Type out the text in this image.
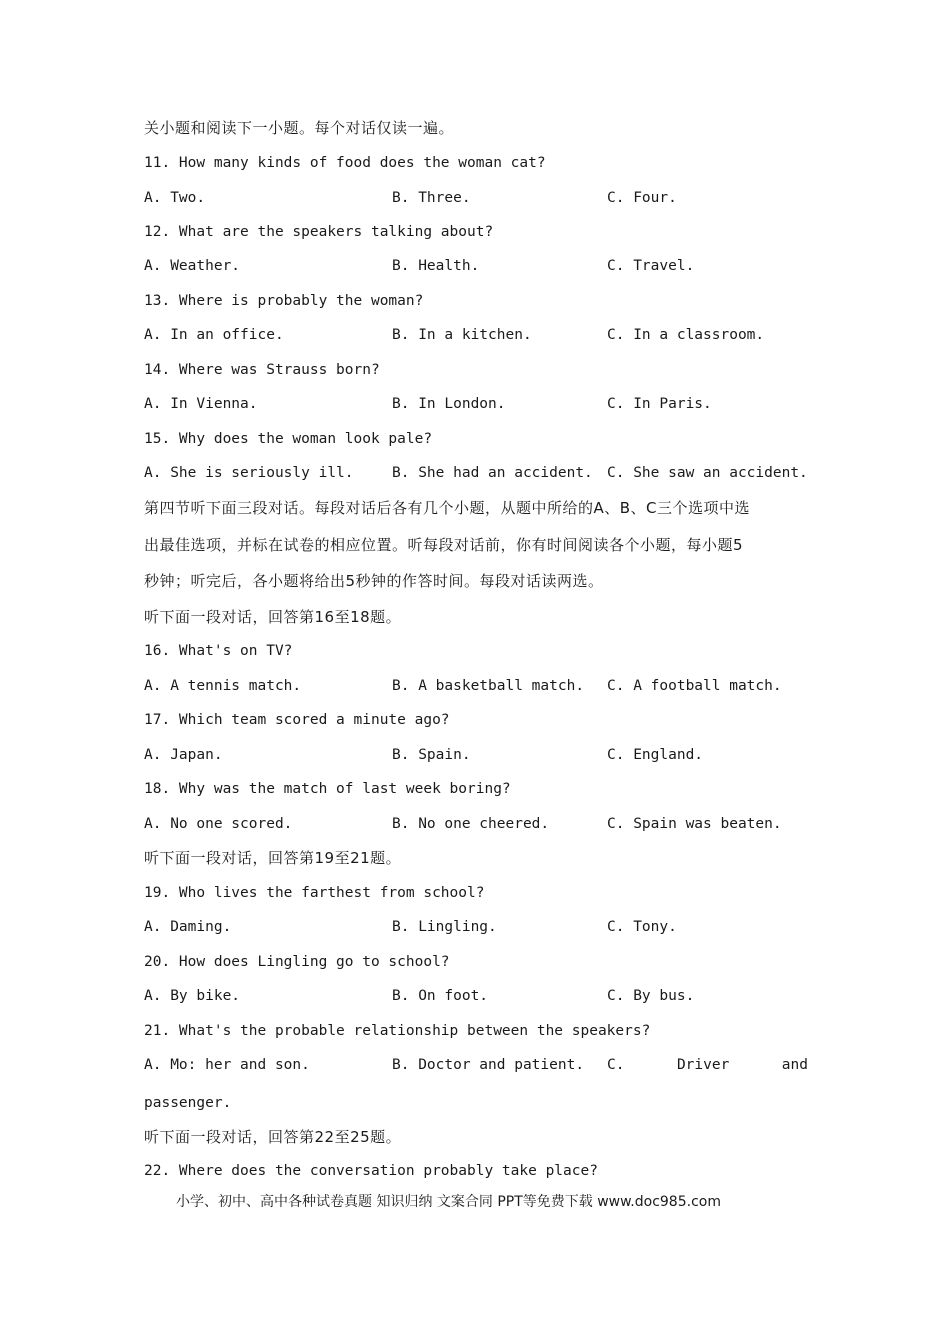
关小题和阅读下一小题。每个对话仅读一遍。
11. How many kinds of food does the woman cat?
A. Two.	B. Three.	C. Four.
12. What are the speakers talking about?
A. Weather.	B. Health.	C. Travel.
13. Where is probably the woman?
A. In an office.	B. In a kitchen.	C. In a classroom.
14. Where was Strauss born?
A. In Vienna.	B. In London.	C. In Paris.
15. Why does the woman look pale?
A. She is seriously ill.	B. She had an accident. C. She saw an accident.
第四节听下面三段对话。每段对话后各有几个小题，从题中所给的A、B、C三个选项中选
出最佳选项，并标在试卷的相应位置。听每段对话前，你有时间阅读各个小题，每小题5
秒钟；听完后，各小题将给出5秒钟的作答时间。每段对话读两选。
听下面一段对话，回答第16至18题。
16. What's on TV?
A. A tennis match.	B. A basketball match. C. A football match.
17. Which team scored a minute ago?
A. Japan.	B. Spain.	C. England.
18. Why was the match of last week boring?
A. No one scored.	B. No one cheered.	C. Spain was beaten.
听下面一段对话，回答第19至21题。
19. Who lives the farthest from school?
A. Daming.	B. Lingling.	C. Tony.
20. How does Lingling go to school?
A. By bike.	B. On foot.	C. By bus.
21. What's the probable relationship between the speakers?
A. Mo: her and son.	B. Doctor and patient. C.	Driver	and
passenger.
听下面一段对话，回答第22至25题。
22. Where does the conversation probably take place?
小学、初中、高中各种试卷真题 知识归纳 文案合同 PPT等免费下载 www.doc985.com
